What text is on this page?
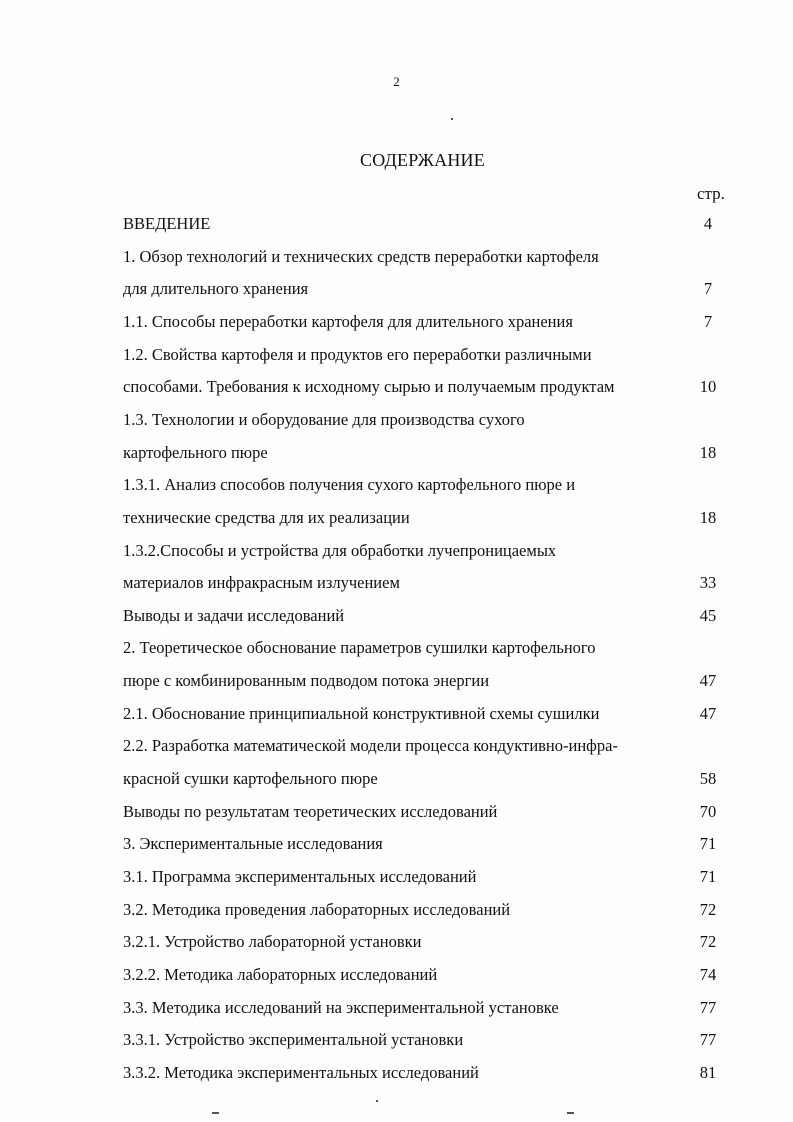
2
СОДЕРЖАНИЕ
стр.
ВВЕДЕНИЕ	4
1. Обзор технологий и технических средств переработки картофеля
для длительного хранения	7
1.1. Способы переработки картофеля для длительного хранения	7
1.2. Свойства картофеля и продуктов его переработки различными
способами. Требования к исходному сырью и получаемым продуктам	10
1.3. Технологии и оборудование для производства сухого
картофельного пюре	18
1.3.1. Анализ способов получения сухого картофельного пюре и
технические средства для их реализации	18
1.3.2.Способы и устройства для обработки лучепроницаемых
материалов инфракрасным излучением	33
Выводы и задачи исследований	45
2. Теоретическое обоснование параметров сушилки картофельного
пюре с комбинированным подводом потока энергии	47
2.1. Обоснование принципиальной конструктивной схемы сушилки	47
2.2. Разработка математической модели процесса кондуктивно-инфра-
красной сушки картофельного пюре	58
Выводы по результатам теоретических исследований	70
3. Экспериментальные исследования	71
3.1. Программа экспериментальных исследований	71
3.2. Методика проведения лабораторных исследований	72
3.2.1. Устройство лабораторной установки	72
3.2.2. Методика лабораторных исследований	74
3.3. Методика исследований на экспериментальной установке	77
3.3.1. Устройство экспериментальной установки	77
3.3.2. Методика экспериментальных исследований	81
